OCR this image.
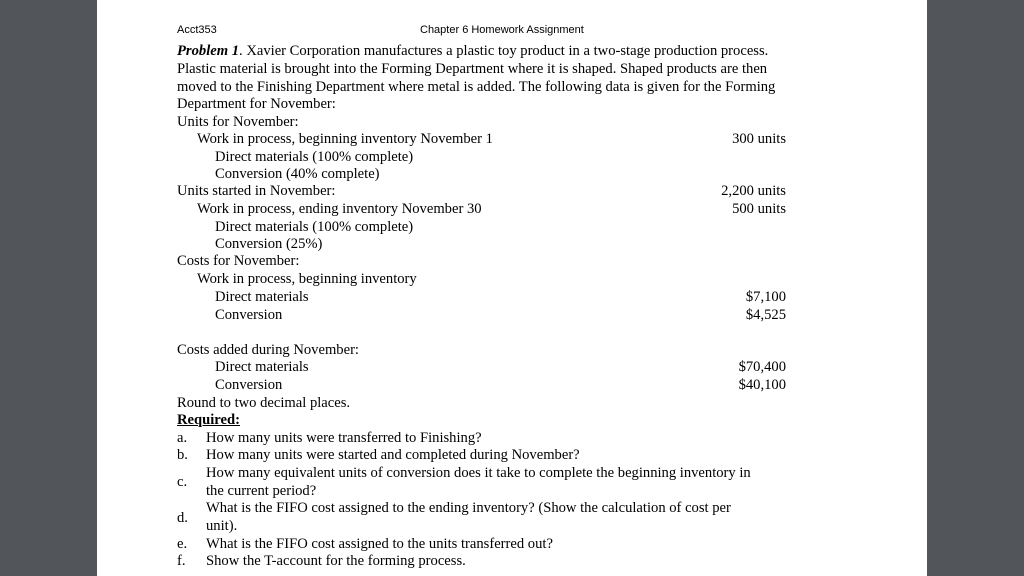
Acct353	Chapter 6 Homework Assignment
Problem 1. Xavier Corporation manufactures a plastic toy product in a two-stage production process.
Plastic material is brought into the Forming Department where it is shaped. Shaped products are then
moved to the Finishing Department where metal is added. The following data is given for the Forming
Department for November:
Units for November:
Work in process, beginning inventory November 1	300 units
Direct materials (100% complete)
Conversion (40% complete)
Units started in November:	2,200 units
Work in process, ending inventory November 30	500 units
Direct materials (100% complete)
Conversion (25%)
Costs for November:
Work in process, beginning inventory
Direct materials	$7,100
Conversion	$4,525
Costs added during November:
Direct materials	$70,400
Conversion	$40,100
Round to two decimal places.
Required:
a.	How many units were transferred to Finishing?
b.	How many units were started and completed during November?
c.
How many equivalent units of conversion does it take to complete the beginning inventory in
the current period?
d.
What is the FIFO cost assigned to the ending inventory? (Show the calculation of cost per
unit).
e.	What is the FIFO cost assigned to the units transferred out?
f.	Show the T-account for the forming process.
